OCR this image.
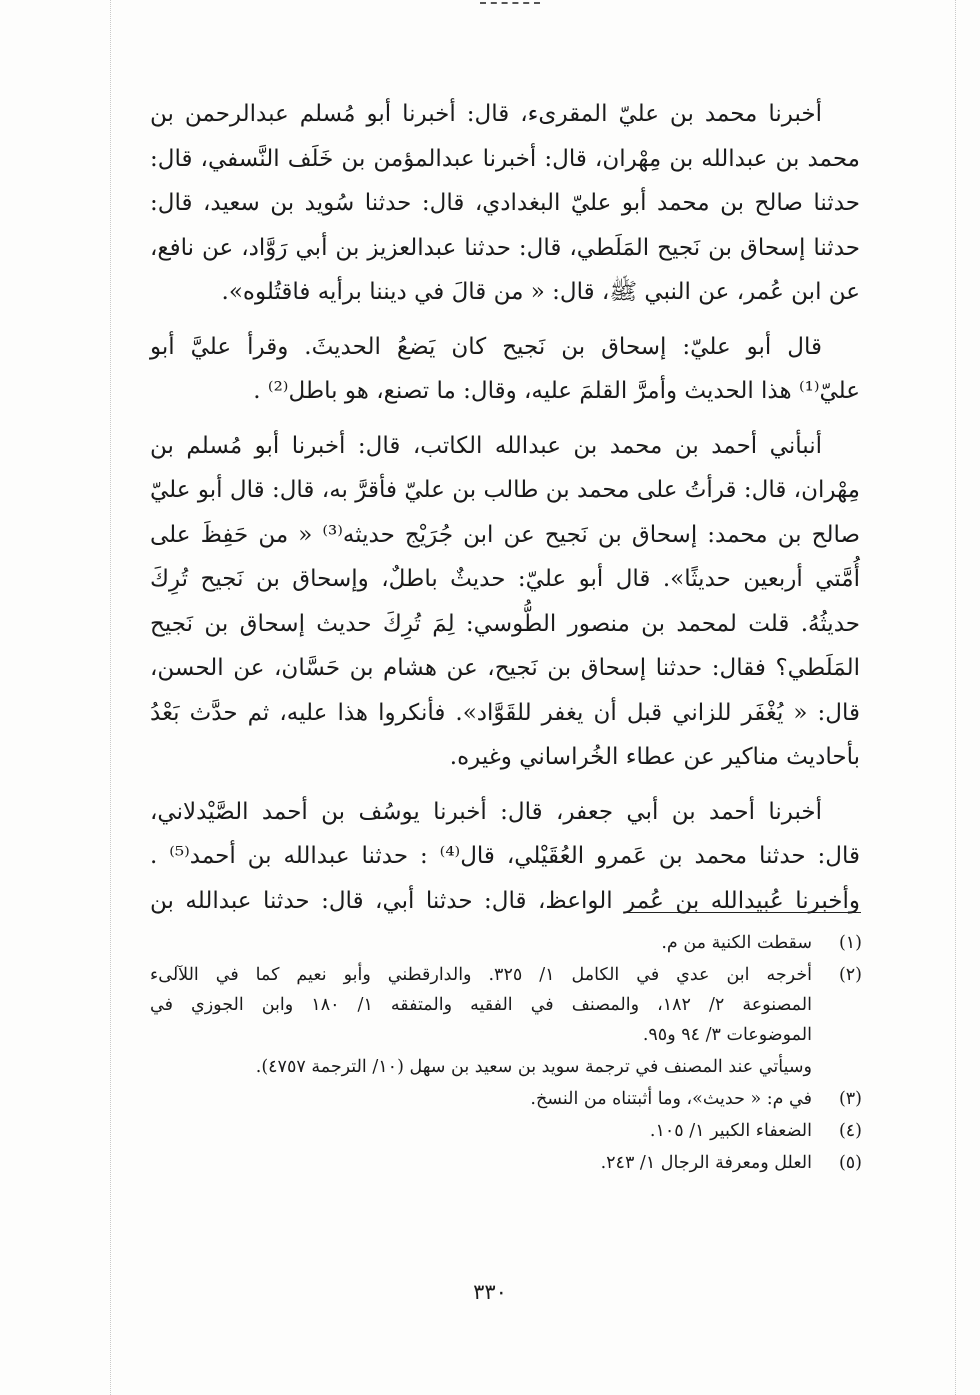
أخبرنا محمد بن عليّ المقرىء، قال: أخبرنا أبو مُسلم عبدالرحمن بن
محمد بن عبدالله بن مِهْران، قال: أخبرنا عبدالمؤمن بن خَلَف النَّسفي، قال:
حدثنا صالح بن محمد أبو عليّ البغدادي، قال: حدثنا سُويد بن سعيد، قال:
حدثنا إسحاق بن نَجيح المَلَطي، قال: حدثنا عبدالعزيز بن أبي رَوَّاد، عن نافع،
عن ابن عُمر، عن النبي ﷺ، قال: « من قالَ في ديننا برأيه فاقتُلوه».
قال أبو عليّ: إسحاق بن نَجيح كان يَضعُ الحديثَ. وقرأ عليَّ أبو
عليّ⁽¹⁾ هذا الحديث وأمرَّ القلمَ عليه، وقال: ما تصنع، هو باطل⁽²⁾ .
أنبأني أحمد بن محمد بن عبدالله الكاتب، قال: أخبرنا أبو مُسلم بن
مِهْران، قال: قرأتُ على محمد بن طالب بن عليّ فأقرَّ به، قال: قال أبو عليّ
صالح بن محمد: إسحاق بن نَجيح عن ابن جُرَيْج حديثه⁽³⁾ « من حَفِظَ على
أُمَّتي أربعين حديثًا». قال أبو عليّ: حديثٌ باطلٌ، وإسحاق بن نَجيح تُرِكَ
حديثُهُ. قلت لمحمد بن منصور الطُّوسي: لِمَ تُرِكَ حديث إسحاق بن نَجيح
المَلَطي؟ فقال: حدثنا إسحاق بن نَجيح، عن هشام بن حَسَّان، عن الحسن،
قال: « يُغْفَر للزاني قبل أن يغفر للقَوَّاد». فأنكروا هذا عليه، ثم حدَّث بَعْدُ
بأحاديث مناكير عن عطاء الخُراساني وغيره.
أخبرنا أحمد بن أبي جعفر، قال: أخبرنا يوسُف بن أحمد الصَّيْدلاني،
قال: حدثنا محمد بن عَمرو العُقَيْلي، قال⁽⁴⁾ : حدثنا عبدالله بن أحمد⁽⁵⁾ .
وأخبرنا عُبيدالله بن عُمر الواعظ، قال: حدثنا أبي، قال: حدثنا عبدالله بن
(١)
سقطت الكنية من م.
(٢)
أخرجه ابن عدي في الكامل ١/ ٣٢٥. والدارقطني وأبو نعيم كما في اللآلىء
المصنوعة ٢/ ١٨٢، والمصنف في الفقيه والمتفقه ١/ ١٨٠ وابن الجوزي في
الموضوعات ٣/ ٩٤ و٩٥.
وسيأتي عند المصنف في ترجمة سويد بن سعيد بن سهل (١٠/ الترجمة ٤٧٥٧).
(٣)
في م: « حديث»، وما أثبتناه من النسخ.
(٤)
الضعفاء الكبير ١/ ١٠٥.
(٥)
العلل ومعرفة الرجال ١/ ٢٤٣.
٣٣٠
